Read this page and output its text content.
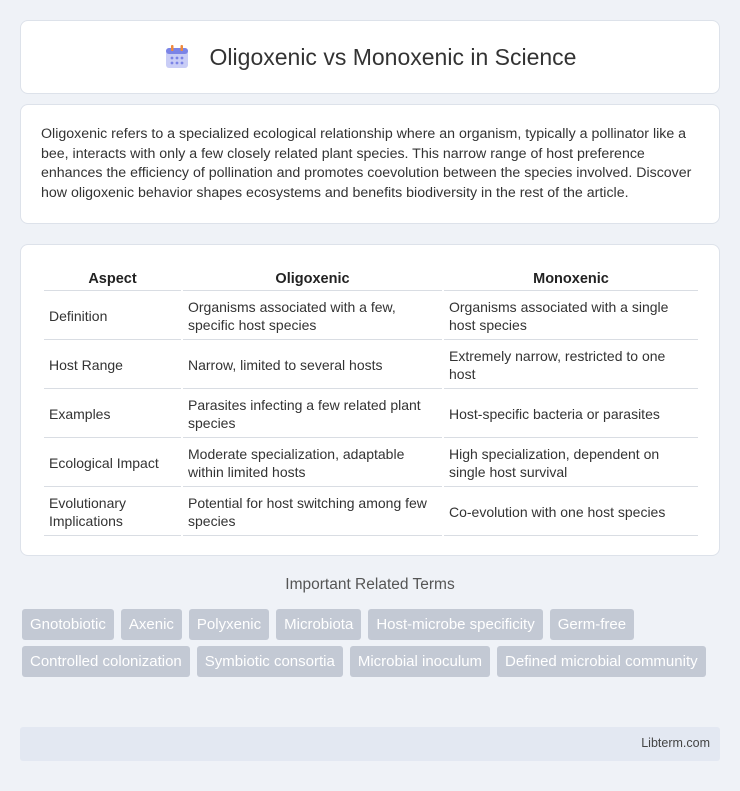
Oligoxenic vs Monoxenic in Science

Oligoxenic refers to a specialized ecological relationship where an organism, typically a pollinator like a bee, interacts with only a few closely related plant species. This narrow range of host preference enhances the efficiency of pollination and promotes coevolution between the species involved. Discover how oligoxenic behavior shapes ecosystems and benefits biodiversity in the rest of the article.

Aspect	Oligoxenic	Monoxenic
Definition	Organisms associated with a few, specific host species	Organisms associated with a single host species
Host Range	Narrow, limited to several hosts	Extremely narrow, restricted to one host
Examples	Parasites infecting a few related plant species	Host-specific bacteria or parasites
Ecological Impact	Moderate specialization, adaptable within limited hosts	High specialization, dependent on single host survival
Evolutionary Implications	Potential for host switching among few species	Co-evolution with one host species
Important Related Terms
Gnotobiotic	Axenic	Polyxenic	Microbiota	Host-microbe specificity	Germ-free
Controlled colonization	Symbiotic consortia	Microbial inoculum	Defined microbial community
Libterm.com
